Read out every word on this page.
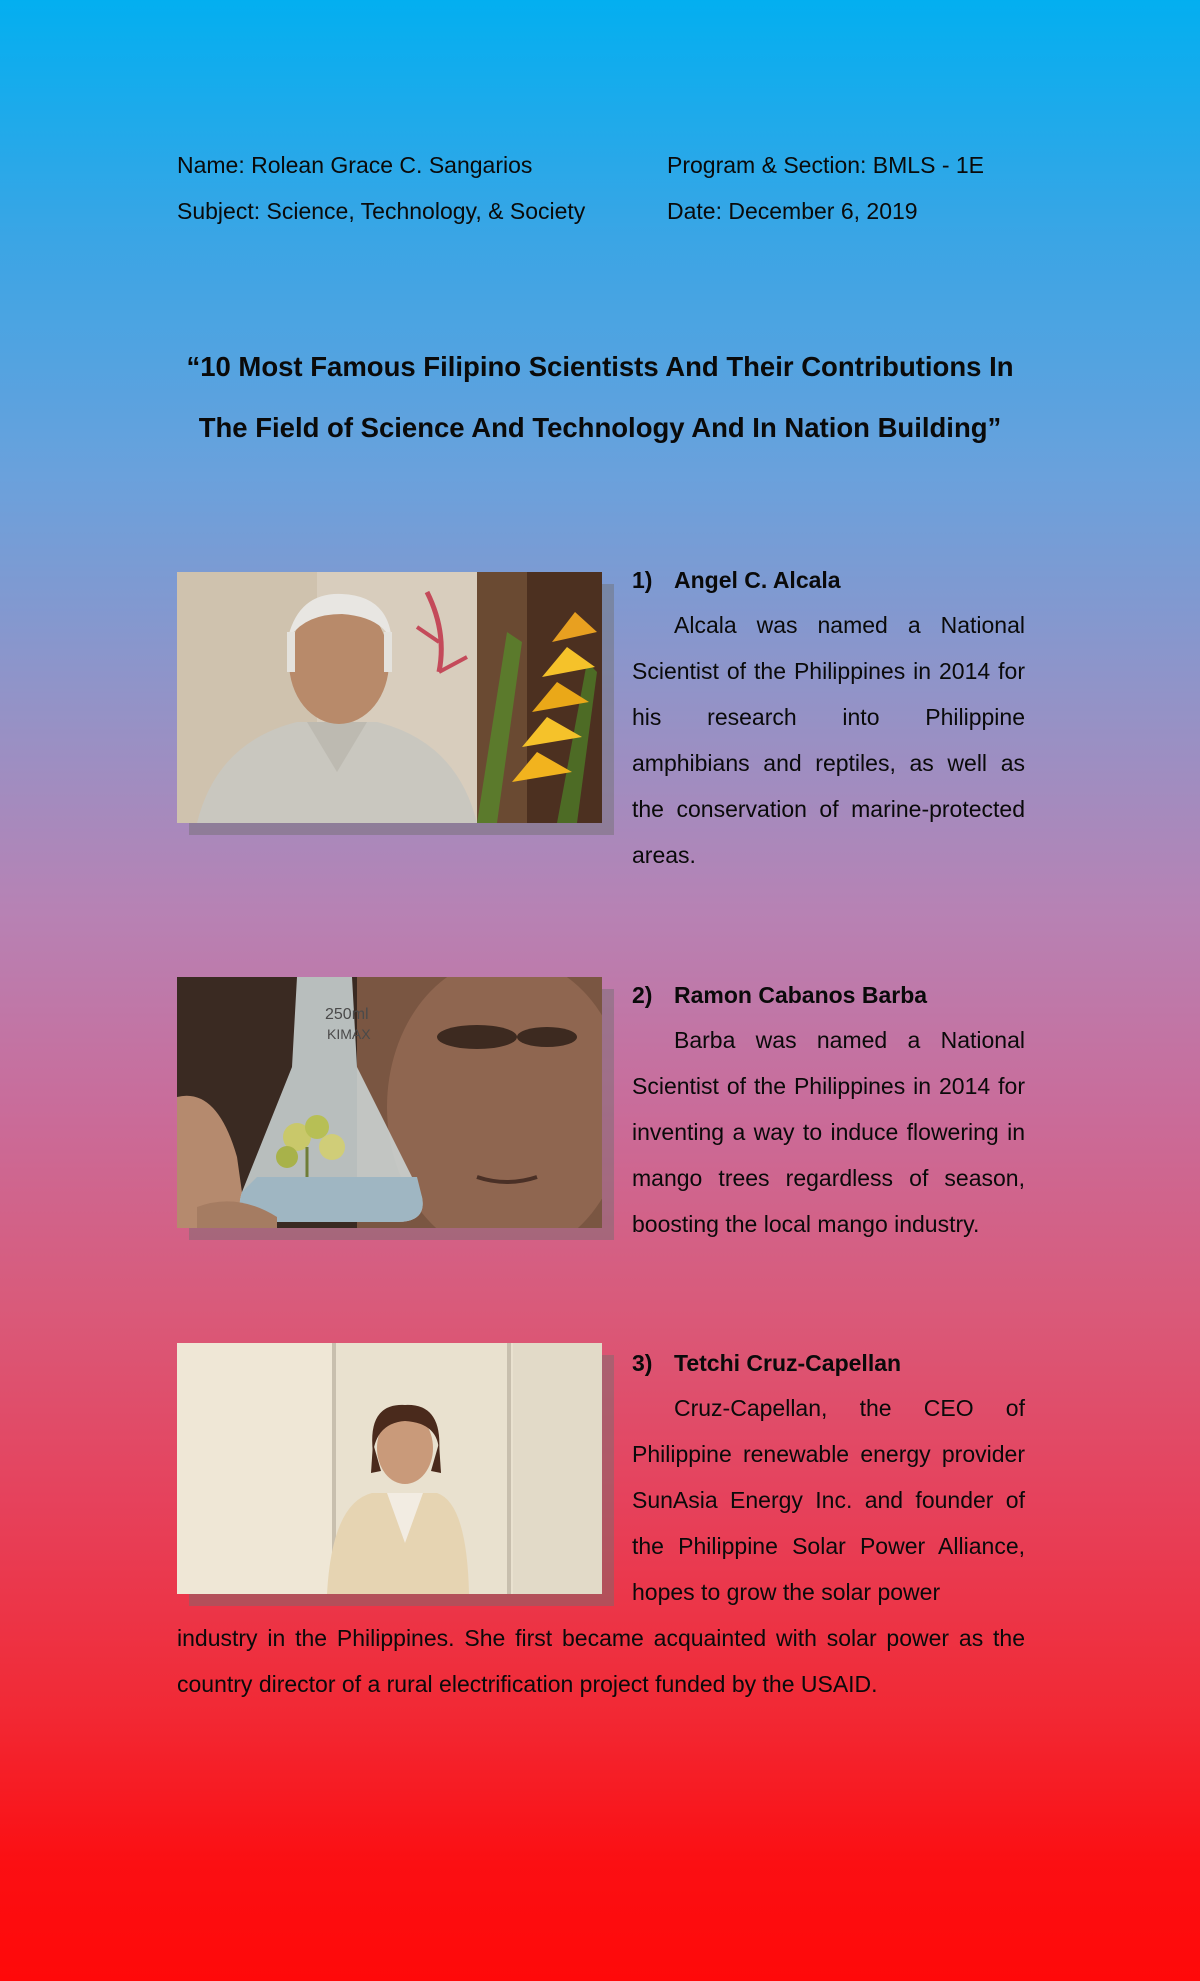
Name: Rolean Grace C. Sangarios	Program & Section: BMLS - 1E
Subject: Science, Technology, & Society	Date: December 6, 2019
“10 Most Famous Filipino Scientists And Their Contributions In
The Field of Science And Technology And In Nation Building”
1) Angel C. Alcala

Alcala was named a National Scientist of the Philippines in 2014 for his research into Philippine amphibians and reptiles, as well as the conservation of marine-protected areas.

250ml
KIMAX
2) Ramon Cabanos Barba

Barba was named a National Scientist of the Philippines in 2014 for inventing a way to induce flowering in mango trees regardless of season, boosting the local mango industry.

3) Tetchi Cruz-Capellan

Cruz-Capellan, the CEO of Philippine renewable energy provider SunAsia Energy Inc. and founder of the Philippine Solar Power Alliance, hopes to grow the solar power

industry in the Philippines. She first became acquainted with solar power as the
country director of a rural electrification project funded by the USAID.
